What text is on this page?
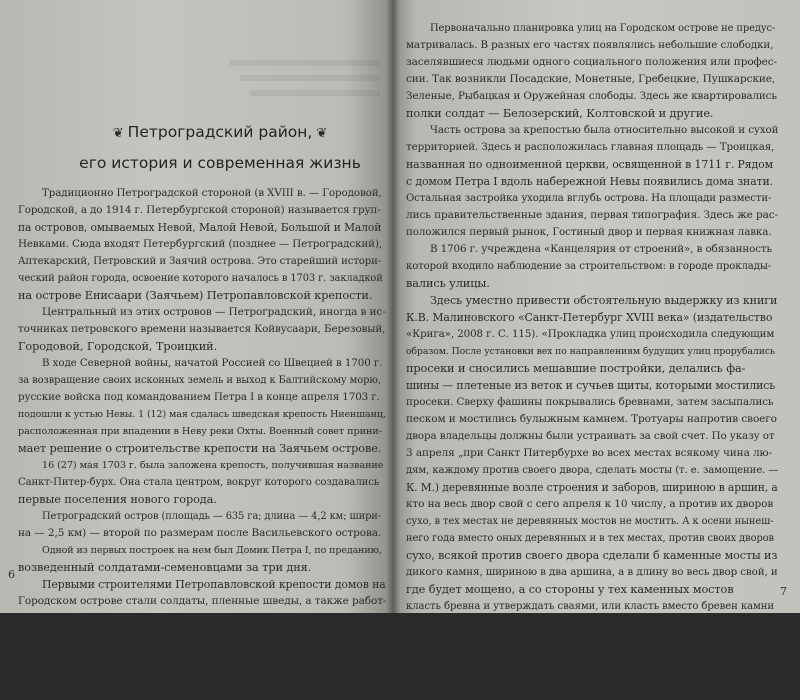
❦ Петроградский район, ❦
его история и современная жизнь
Традиционно Петроградской стороной (в XVIII в. — Городовой,
Городской, а до 1914 г. Петербургской стороной) называется груп-
па островов, омываемых Невой, Малой Невой, Большой и Малой
Невками. Сюда входят Петербургский (позднее — Петроградский),
Аптекарский, Петровский и Заячий острова. Это старейший истори-
ческий район города, освоение которого началось в 1703 г. закладкой
на острове Енисаари (Заячьем) Петропавловской крепости.
Центральный из этих островов — Петроградский, иногда в ис-
точниках петровского времени называется Койвусаари, Березовый,
Городовой, Городской, Троицкий.
В ходе Северной войны, начатой Россией со Швецией в 1700 г.
за возвращение своих исконных земель и выход к Балтийскому морю,
русские войска под командованием Петра I в конце апреля 1703 г.
подошли к устью Невы. 1 (12) мая сдалась шведская крепость Ниеншанц,
расположенная при впадении в Неву реки Охты. Военный совет прини-
мает решение о строительстве крепости на Заячьем острове.
16 (27) мая 1703 г. была заложена крепость, получившая название
Санкт-Питер-бурх. Она стала центром, вокруг которого создавались
первые поселения нового города.
Петроградский остров (площадь — 635 га; длина — 4,2 км; шири-
на — 2,5 км) — второй по размерам после Васильевского острова.
Одной из первых построек на нем был Домик Петра I, по преданию,
возведенный солдатами-семеновцами за три дня.
Первыми строителями Петропавловской крепости домов на
Городском острове стали солдаты, пленные шведы, а также работ-
ные люди — землекопы и плотники из разных уголков страны. На
Городском острове поселились татары и калмыки, основавшие
Татарскую слободу (память о ней сохранилось в названии
Татарского переулка).
6
Первоначально планировка улиц на Городском острове не предус-
матривалась. В разных его частях появлялись небольшие слободки,
заселявшиеся людьми одного социального положения или профес-
сии. Так возникли Посадские, Монетные, Гребецкие, Пушкарские,
Зеленые, Рыбацкая и Оружейная слободы. Здесь же квартировались
полки солдат — Белозерский, Колтовской и другие.
Часть острова за крепостью была относительно высокой и сухой
территорией. Здесь и расположилась главная площадь — Троицкая,
названная по одноименной церкви, освященной в 1711 г. Рядом
с домом Петра I вдоль набережной Невы появились дома знати.
Остальная застройка уходила вглубь острова. На площади размести-
лись правительственные здания, первая типография. Здесь же рас-
положился первый рынок, Гостиный двор и первая книжная лавка.
В 1706 г. учреждена «Канцелярия от строений», в обязанность
которой входило наблюдение за строительством: в городе проклады-
вались улицы.
Здесь уместно привести обстоятельную выдержку из книги
К.В. Малиновского «Санкт-Петербург XVIII века» (издательство
«Крига», 2008 г. С. 115). «Прокладка улиц происходила следующим
образом. После установки вех по направлениям будущих улиц прорубались
просеки и сносились мешавшие постройки, делались фа-
шины — плетеные из веток и сучьев щиты, которыми мостились
просеки. Сверху фашины покрывались бревнами, затем засыпались
песком и мостились булыжным камнем. Тротуары напротив своего
двора владельцы должны были устраивать за свой счет. По указу от
3 апреля „при Санкт Питербурхе во всех местах всякому чина лю-
дям, каждому против своего двора, сделать мосты (т. е. замощение. —
К. М.) деревянные возле строения и заборов, шириною в аршин, а
кто на весь двор свой с сего апреля к 10 числу, а против их дворов
сухо, в тех местах не деревянных мостов не мостить. А к осени нынеш-
него года вместо оных деревянных и в тех местах, против своих дворов
сухо, всякой против своего двора сделали б каменные мосты из
дикого камня, шириною в два аршина, а в длину во весь двор свой, и
где будет мощено, а со стороны у тех каменных мостов
класть бревна и утверждать сваями, или класть вместо бревен камни
же больше дабы оных мостов лошадьми и колесами не повредили, а
что оное, как камни, так и песок, по чему тем камнем мостить, и
работные люди будут у них руками, а мастера к тому каменному мо-
щению даны будут от обер комиссара Синявина. А где против их
дворов лужи, и в тех местах засыпать землею и ровнять с дворами
7
